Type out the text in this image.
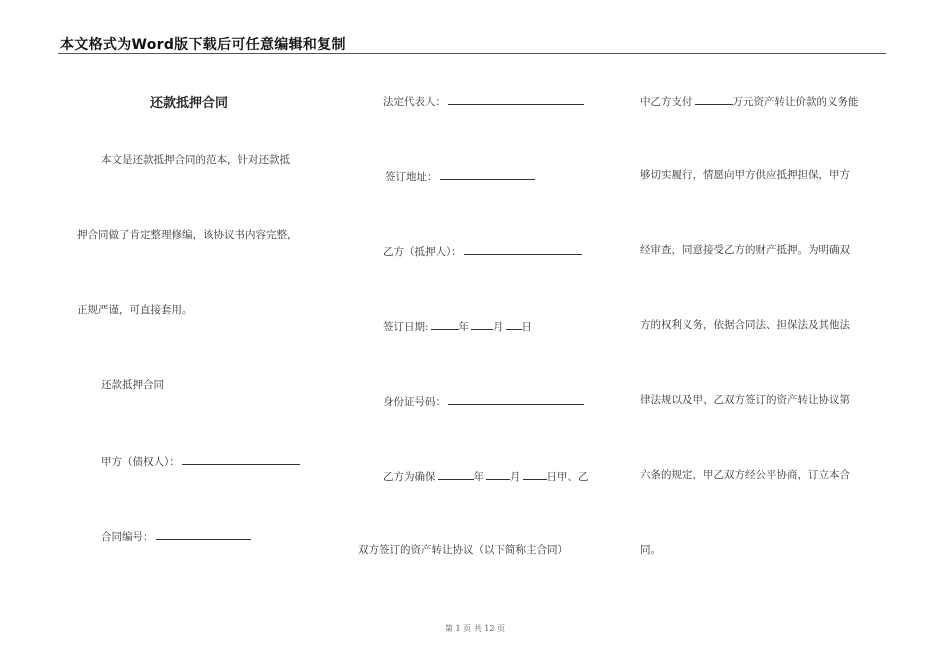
本文格式为Word版下载后可任意编辑和复制
还款抵押合同
本文是还款抵押合同的范本，针对还款抵
押合同做了肯定整理修编，该协议书内容完整，
正规严谨，可直接套用。
还款抵押合同
甲方（债权人）：
合同编号：
法定代表人：
签订地址：
乙方（抵押人）：
签订日期:	年 月 日
身份证号码：
乙方为确保	年 月 日甲、乙
双方签订的资产转让协议（以下简称主合同）
中乙方支付	万元资产转让价款的义务能
够切实履行，情愿向甲方供应抵押担保，甲方
经审查，同意接受乙方的财产抵押。为明确双
方的权利义务，依据合同法、担保法及其他法
律法规以及甲、乙双方签订的资产转让协议第
六条的规定，甲乙双方经公平协商，订立本合
同。
第 1 页 共 12 页
